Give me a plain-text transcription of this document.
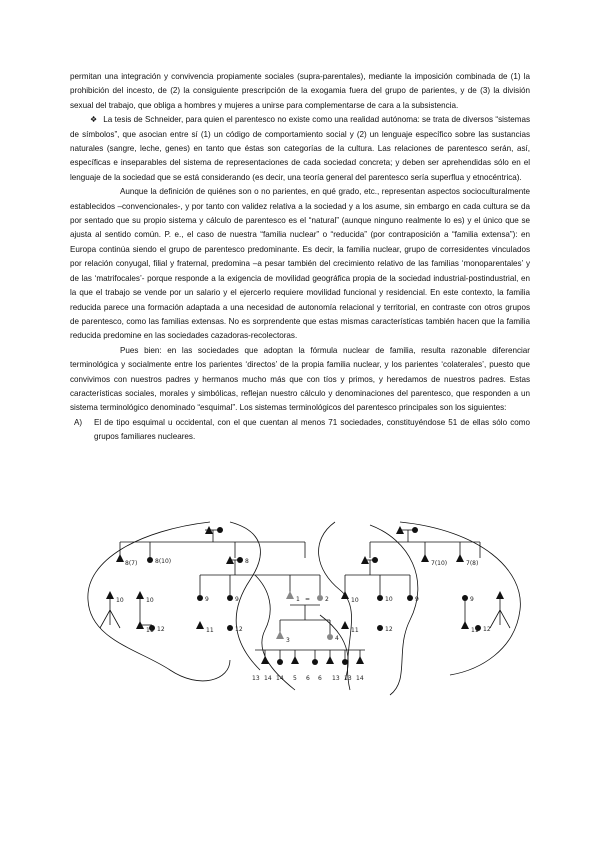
permitan una integración y convivencia propiamente sociales (supra-parentales), mediante la imposición combinada de (1) la prohibición del incesto, de (2) la consiguiente prescripción de la exogamia fuera del grupo de parientes, y de (3) la división sexual del trabajo, que obliga a hombres y mujeres a unirse para complementarse de cara a la subsistencia.

❖ La tesis de Schneider, para quien el parentesco no existe como una realidad autónoma: se trata de diversos “sistemas de símbolos”, que asocian entre sí (1) un código de comportamiento social y (2) un lenguaje específico sobre las sustancias naturales (sangre, leche, genes) en tanto que éstas son categorías de la cultura. Las relaciones de parentesco serán, así, específicas e inseparables del sistema de representaciones de cada sociedad concreta; y deben ser aprehendidas sólo en el lenguaje de la sociedad que se está considerando (es decir, una teoría general del parentesco sería superflua y etnocéntrica).

Aunque la definición de quiénes son o no parientes, en qué grado, etc., representan aspectos socioculturalmente establecidos –convencionales-, y por tanto con validez relativa a la sociedad y a los asume, sin embargo en cada cultura se da por sentado que su propio sistema y cálculo de parentesco es el “natural” (aunque ninguno realmente lo es) y el único que se ajusta al sentido común. P. e., el caso de nuestra “familia nuclear” o “reducida” (por contraposición a “familia extensa”): en Europa continúa siendo el grupo de parentesco predominante. Es decir, la familia nuclear, grupo de corresidentes vinculados por relación conyugal, filial y fraternal, predomina –a pesar también del crecimiento relativo de las familias ‘monoparentales’ y de las ‘matrifocales’- porque responde a la exigencia de movilidad geográfica propia de la sociedad industrial-postindustrial, en la que el trabajo se vende por un salario y el ejercerlo requiere movilidad funcional y residencial. En este contexto, la familia reducida parece una formación adaptada a una necesidad de autonomía relacional y territorial, en contraste con otros grupos de parentesco, como las familias extensas. No es sorprendente que estas mismas características también hacen que la familia reducida predomine en las sociedades cazadoras-recolectoras.

Pues bien: en las sociedades que adoptan la fórmula nuclear de familia, resulta razonable diferenciar terminológica y socialmente entre los parientes ‘directos’ de la propia familia nuclear, y los parientes ‘colaterales’, puesto que convivimos con nuestros padres y hermanos mucho más que con tíos y primos, y heredamos de nuestros padres. Estas características sociales, morales y simbólicas, reflejan nuestro cálculo y denominaciones del parentesco, que responden a un sistema terminológico denominado “esquimal”. Los sistemas terminológicos del parentesco principales son los siguientes:

A) El de tipo esquimal u occidental, con el que cuentan al menos 71 sociedades, constituyéndose 51 de ellas sólo como grupos familiares nucleares.

8(7)	8(10)	8	7(10)	7(8)
10	10	9	9	1 = 2	10	10	9	9
11 12	11	12
3	4
11	12	11 12
13 14 14 5 6 6 13 13 14
